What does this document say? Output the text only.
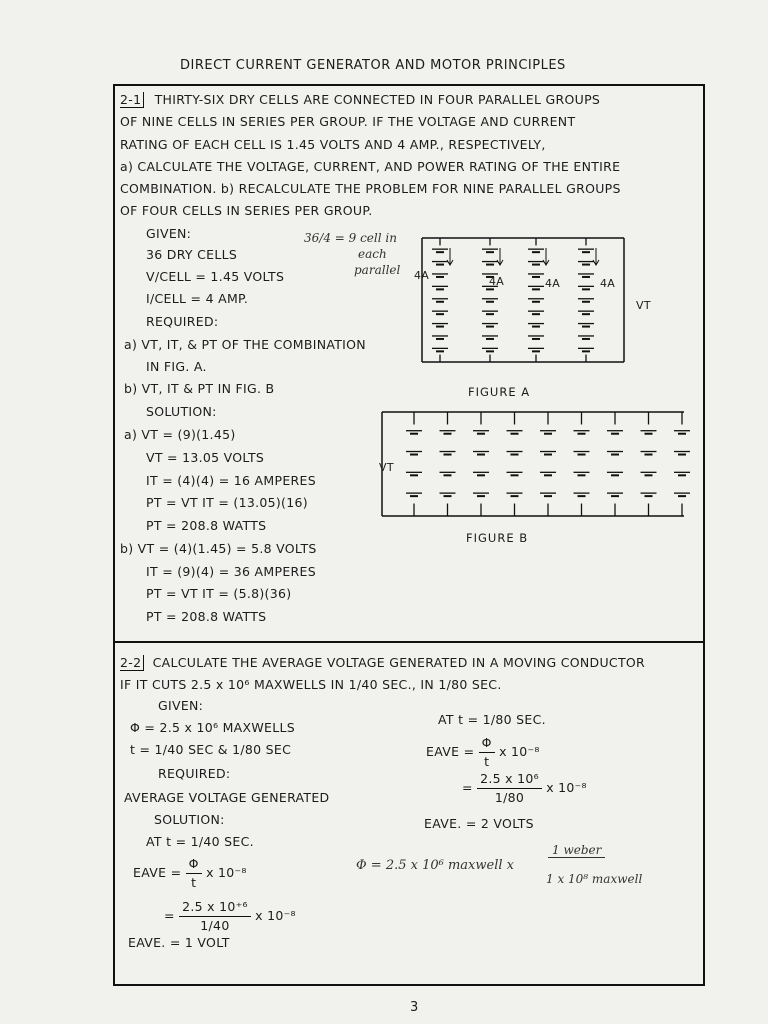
DIRECT CURRENT GENERATOR AND MOTOR PRINCIPLES
2-1 THIRTY-SIX DRY CELLS ARE CONNECTED IN FOUR PARALLEL GROUPS
OF NINE CELLS IN SERIES PER GROUP. IF THE VOLTAGE AND CURRENT
RATING OF EACH CELL IS 1.45 VOLTS AND 4 AMP., RESPECTIVELY,
a) CALCULATE THE VOLTAGE, CURRENT, AND POWER RATING OF THE ENTIRE
COMBINATION. b) RECALCULATE THE PROBLEM FOR NINE PARALLEL GROUPS
OF FOUR CELLS IN SERIES PER GROUP.
GIVEN:
36 DRY CELLS
V/CELL = 1.45 VOLTS
I/CELL = 4 AMP.
REQUIRED:
a) VT, IT, & PT OF THE COMBINATION
IN FIG. A.
b) VT, IT & PT IN FIG. B
SOLUTION:
a) VT = (9)(1.45)
VT = 13.05 VOLTS
IT = (4)(4) = 16 AMPERES
PT = VT IT = (13.05)(16)
PT = 208.8 WATTS
b) VT = (4)(1.45) = 5.8 VOLTS
IT = (9)(4) = 36 AMPERES
PT = VT IT = (5.8)(36)
PT = 208.8 WATTS
36/4 = 9 cell in
each
parallel 4A	4A	4A	4A
VT
FIGURE A
VT
FIGURE B
2-2 CALCULATE THE AVERAGE VOLTAGE GENERATED IN A MOVING CONDUCTOR
IF IT CUTS 2.5 x 10⁶ MAXWELLS IN 1/40 SEC., IN 1/80 SEC.
GIVEN:
Φ = 2.5 x 10⁶ MAXWELLS
t = 1/40 SEC & 1/80 SEC
REQUIRED:
AVERAGE VOLTAGE GENERATED
SOLUTION:
AT t = 1/40 SEC.
EAVE = $\frac{\Phi}{t}$ x 10⁻⁸
= $\frac{\text{2.5 x 10⁺⁶}}{1/40}$ x 10⁻⁸
EAVE. = 1 VOLT
AT t = 1/80 SEC.
EAVE = $\frac{\Phi}{t}$ x 10⁻⁸
= $\frac{\text{2.5 x 10⁶}}{1/80}$ x 10⁻⁸
EAVE. = 2 VOLTS
Φ = 2.5 x 10⁶ maxwell x
1 weber
1 x 10⁸ maxwell
3
